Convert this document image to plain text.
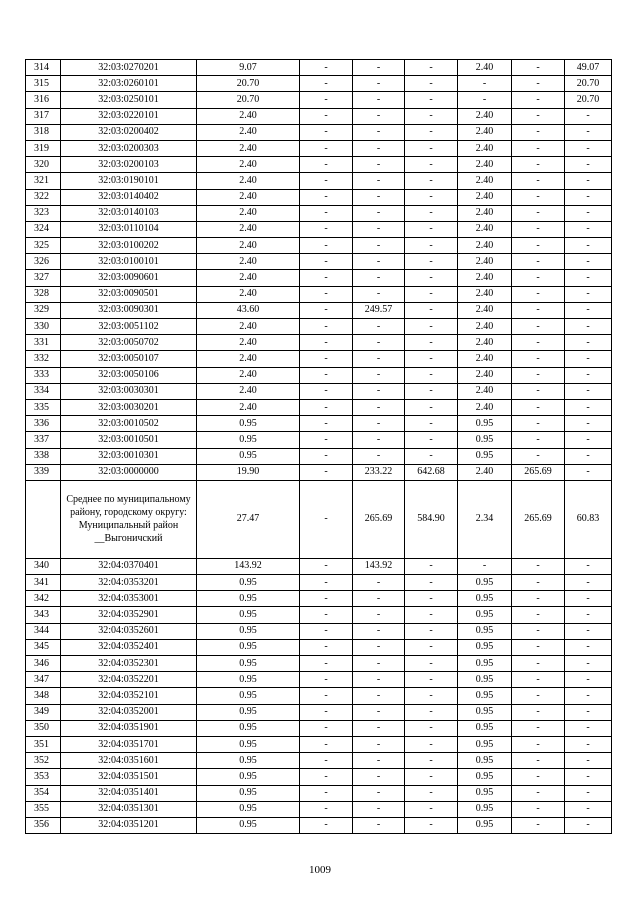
314	32:03:0270201	9.07	-	-	-	2.40	-	49.07
315	32:03:0260101	20.70	-	-	-	-	-	20.70
316	32:03:0250101	20.70	-	-	-	-	-	20.70
317	32:03:0220101	2.40	-	-	-	2.40	-	-
318	32:03:0200402	2.40	-	-	-	2.40	-	-
319	32:03:0200303	2.40	-	-	-	2.40	-	-
320	32:03:0200103	2.40	-	-	-	2.40	-	-
321	32:03:0190101	2.40	-	-	-	2.40	-	-
322	32:03:0140402	2.40	-	-	-	2.40	-	-
323	32:03:0140103	2.40	-	-	-	2.40	-	-
324	32:03:0110104	2.40	-	-	-	2.40	-	-
325	32:03:0100202	2.40	-	-	-	2.40	-	-
326	32:03:0100101	2.40	-	-	-	2.40	-	-
327	32:03:0090601	2.40	-	-	-	2.40	-	-
328	32:03:0090501	2.40	-	-	-	2.40	-	-
329	32:03:0090301	43.60	-	249.57	-	2.40	-	-
330	32:03:0051102	2.40	-	-	-	2.40	-	-
331	32:03:0050702	2.40	-	-	-	2.40	-	-
332	32:03:0050107	2.40	-	-	-	2.40	-	-
333	32:03:0050106	2.40	-	-	-	2.40	-	-
334	32:03:0030301	2.40	-	-	-	2.40	-	-
335	32:03:0030201	2.40	-	-	-	2.40	-	-
336	32:03:0010502	0.95	-	-	-	0.95	-	-
337	32:03:0010501	0.95	-	-	-	0.95	-	-
338	32:03:0010301	0.95	-	-	-	0.95	-	-
339	32:03:0000000	19.90	-	233.22	642.68	2.40	265.69	-
	Среднее по муниципальному району, городскому округу: Муниципальный район __Выгоничский	27.47	-	265.69	584.90	2.34	265.69	60.83
340	32:04:0370401	143.92	-	143.92	-	-	-	-
341	32:04:0353201	0.95	-	-	-	0.95	-	-
342	32:04:0353001	0.95	-	-	-	0.95	-	-
343	32:04:0352901	0.95	-	-	-	0.95	-	-
344	32:04:0352601	0.95	-	-	-	0.95	-	-
345	32:04:0352401	0.95	-	-	-	0.95	-	-
346	32:04:0352301	0.95	-	-	-	0.95	-	-
347	32:04:0352201	0.95	-	-	-	0.95	-	-
348	32:04:0352101	0.95	-	-	-	0.95	-	-
349	32:04:0352001	0.95	-	-	-	0.95	-	-
350	32:04:0351901	0.95	-	-	-	0.95	-	-
351	32:04:0351701	0.95	-	-	-	0.95	-	-
352	32:04:0351601	0.95	-	-	-	0.95	-	-
353	32:04:0351501	0.95	-	-	-	0.95	-	-
354	32:04:0351401	0.95	-	-	-	0.95	-	-
355	32:04:0351301	0.95	-	-	-	0.95	-	-
356	32:04:0351201	0.95	-	-	-	0.95	-	-
1009
